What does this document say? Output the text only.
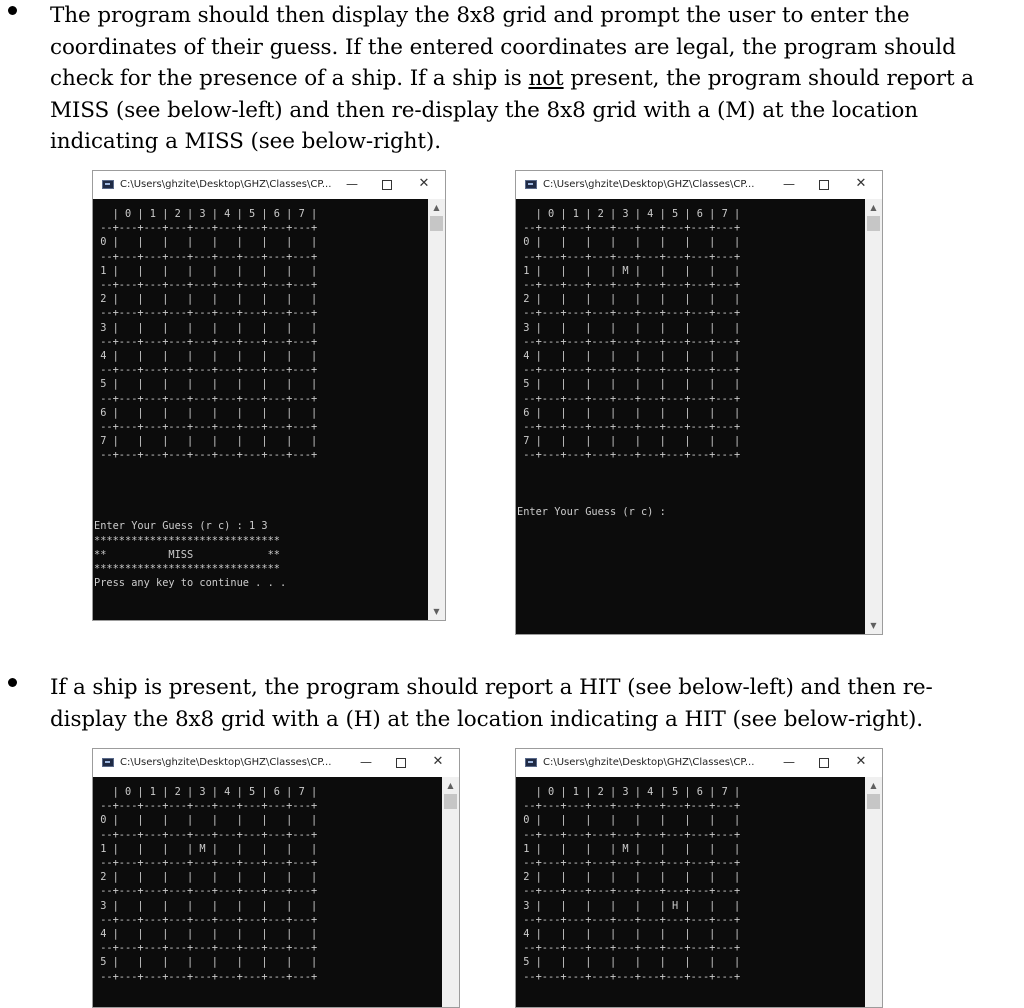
The program should then display the 8x8 grid and prompt the user to enter the coordinates of their guess. If the entered coordinates are legal, the program should check for the presence of a ship. If a ship is not present, the program should report a MISS (see below-left) and then re-display the 8x8 grid with a (M) at the location indicating a MISS (see below-right).
C:\Users\ghzite\Desktop\GHZ\Classes\CP...	—	✕
| 0 | 1 | 2 | 3 | 4 | 5 | 6 | 7 |
--+---+---+---+---+---+---+---+---+
0 |   |   |   |   |   |   |   |   |
--+---+---+---+---+---+---+---+---+
1 |   |   |   |   |   |   |   |   |
--+---+---+---+---+---+---+---+---+
2 |   |   |   |   |   |   |   |   |
--+---+---+---+---+---+---+---+---+
3 |   |   |   |   |   |   |   |   |
--+---+---+---+---+---+---+---+---+
4 |   |   |   |   |   |   |   |   |
--+---+---+---+---+---+---+---+---+
5 |   |   |   |   |   |   |   |   |
--+---+---+---+---+---+---+---+---+
6 |   |   |   |   |   |   |   |   |
--+---+---+---+---+---+---+---+---+
7 |   |   |   |   |   |   |   |   |
--+---+---+---+---+---+---+---+---+

Enter Your Guess (r c) : 1 3
******************************
**          MISS            **
******************************
Press any key to continue . . .
▲
▼
C:\Users\ghzite\Desktop\GHZ\Classes\CP...	—	✕
| 0 | 1 | 2 | 3 | 4 | 5 | 6 | 7 |
--+---+---+---+---+---+---+---+---+
0 |   |   |   |   |   |   |   |   |
--+---+---+---+---+---+---+---+---+
1 |   |   |   | M |   |   |   |   |
--+---+---+---+---+---+---+---+---+
2 |   |   |   |   |   |   |   |   |
--+---+---+---+---+---+---+---+---+
3 |   |   |   |   |   |   |   |   |
--+---+---+---+---+---+---+---+---+
4 |   |   |   |   |   |   |   |   |
--+---+---+---+---+---+---+---+---+
5 |   |   |   |   |   |   |   |   |
--+---+---+---+---+---+---+---+---+
6 |   |   |   |   |   |   |   |   |
--+---+---+---+---+---+---+---+---+
7 |   |   |   |   |   |   |   |   |
--+---+---+---+---+---+---+---+---+

Enter Your Guess (r c) :
▲
▼
If a ship is present, the program should report a HIT (see below-left) and then re-display the 8x8 grid with a (H) at the location indicating a HIT (see below-right).
C:\Users\ghzite\Desktop\GHZ\Classes\CP...	—	✕
| 0 | 1 | 2 | 3 | 4 | 5 | 6 | 7 |
--+---+---+---+---+---+---+---+---+
0 |   |   |   |   |   |   |   |   |
--+---+---+---+---+---+---+---+---+
1 |   |   |   | M |   |   |   |   |
--+---+---+---+---+---+---+---+---+
2 |   |   |   |   |   |   |   |   |
--+---+---+---+---+---+---+---+---+
3 |   |   |   |   |   |   |   |   |
--+---+---+---+---+---+---+---+---+
4 |   |   |   |   |   |   |   |   |
--+---+---+---+---+---+---+---+---+
5 |   |   |   |   |   |   |   |   |
--+---+---+---+---+---+---+---+---+
▲
C:\Users\ghzite\Desktop\GHZ\Classes\CP...	—	✕
| 0 | 1 | 2 | 3 | 4 | 5 | 6 | 7 |
--+---+---+---+---+---+---+---+---+
0 |   |   |   |   |   |   |   |   |
--+---+---+---+---+---+---+---+---+
1 |   |   |   | M |   |   |   |   |
--+---+---+---+---+---+---+---+---+
2 |   |   |   |   |   |   |   |   |
--+---+---+---+---+---+---+---+---+
3 |   |   |   |   |   | H |   |   |
--+---+---+---+---+---+---+---+---+
4 |   |   |   |   |   |   |   |   |
--+---+---+---+---+---+---+---+---+
5 |   |   |   |   |   |   |   |   |
--+---+---+---+---+---+---+---+---+
▲
